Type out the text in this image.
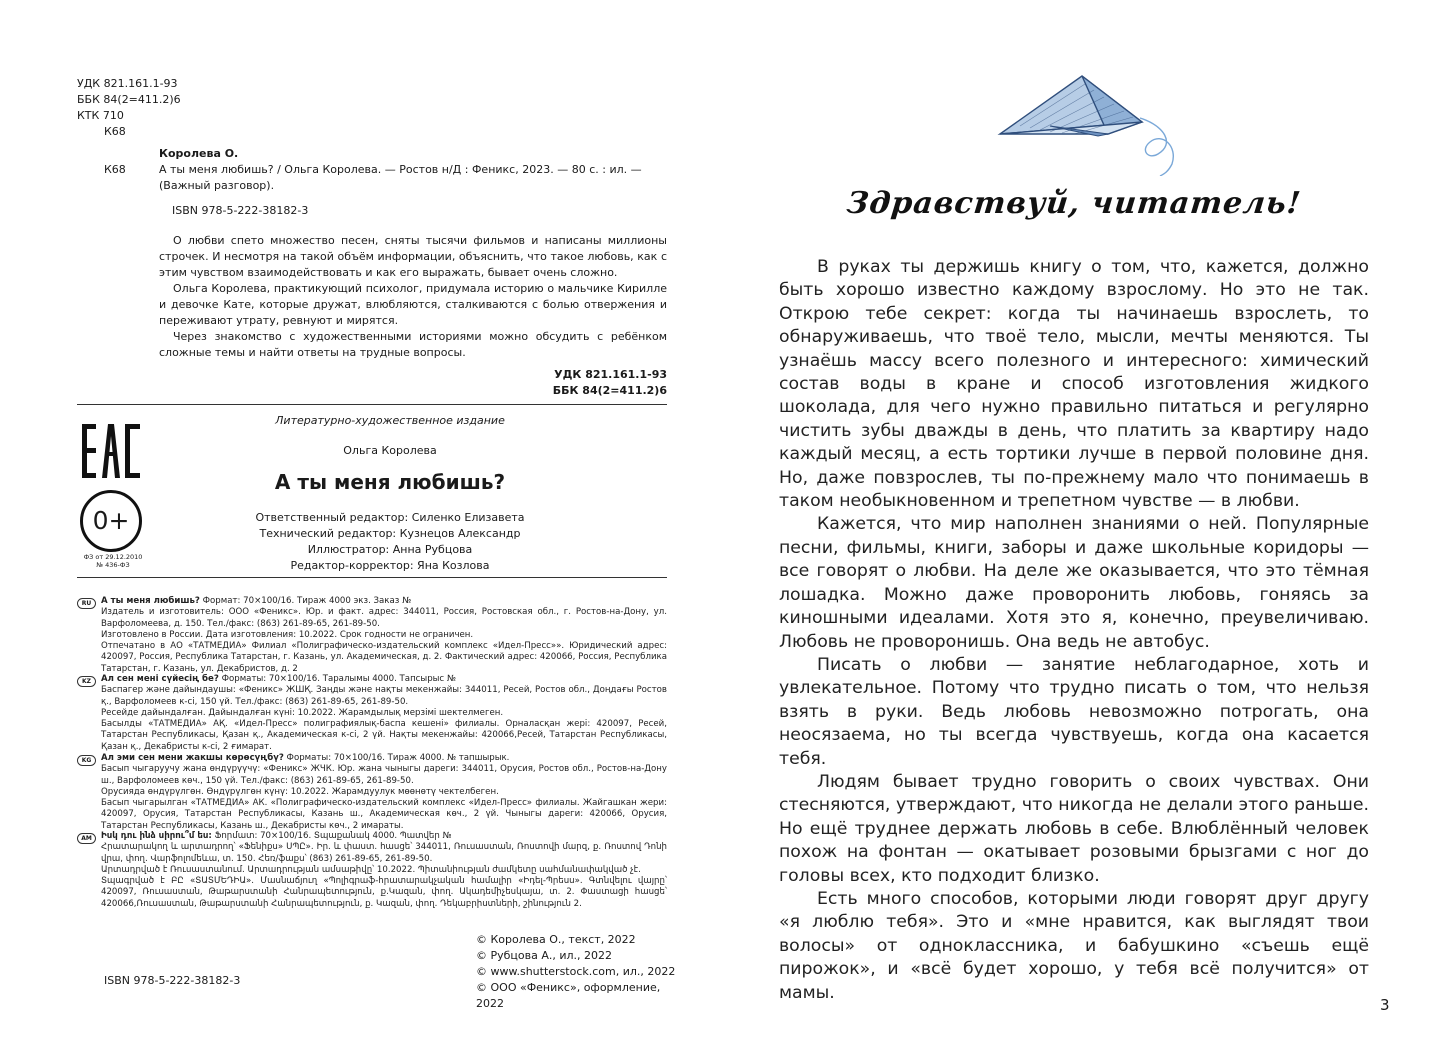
УДК 821.161.1-93
ББК 84(2=411.2)6
КТК 710
К68
Королева О.
К68	А ты меня любишь? / Ольга Королева. — Ростов н/Д : Феникс, 2023. — 80 с. : ил. — (Важный разговор).
ISBN 978-5-222-38182-3
О любви спето множество песен, сняты тысячи фильмов и написаны миллионы строчек. И несмотря на такой объём информации, объяснить, что такое любовь, как с этим чувством взаимодействовать и как его выражать, бывает очень сложно.
Ольга Королева, практикующий психолог, придумала историю о мальчике Кирилле и девочке Кате, которые дружат, влюбляются, сталкиваются с болью отвержения и переживают утрату, ревнуют и мирятся.
Через знакомство с художественными историями можно обсудить с ребёнком сложные темы и найти ответы на трудные вопросы.
УДК 821.161.1-93
ББК 84(2=411.2)6
Литературно-художественное издание
Ольга Королева
А ты меня любишь?
Ответственный редактор: Силенко Елизавета
Технический редактор: Кузнецов Александр
Иллюстратор: Анна Рубцова
Редактор-корректор: Яна Козлова
0+
ФЗ от 29.12.2010
№ 436-ФЗ
RU	А ты меня любишь? Формат: 70×100/16. Тираж 4000 экз. Заказ №
Издатель и изготовитель: ООО «Феникс». Юр. и факт. адрес: 344011, Россия, Ростовская обл., г. Ростов-на-Дону, ул. Варфоломеева, д. 150. Тел./факс: (863) 261-89-65, 261-89-50.
Изготовлено в России. Дата изготовления: 10.2022. Срок годности не ограничен.
Отпечатано в АО «ТАТМЕДИА» Филиал «Полиграфическо-издательский комплекс «Идел-Пресс»». Юридический адрес: 420097, Россия, Республика Татарстан, г. Казань, ул. Академическая, д. 2. Фактический адрес: 420066, Россия, Республика Татарстан, г. Казань, ул. Декабристов, д. 2
KZ	Ал сен мені сүйесің бе? Форматы: 70×100/16. Таралымы 4000. Тапсырыс №
Баспагер және дайындаушы: «Феникс» ЖШҚ. Заңды және нақты мекенжайы: 344011, Ресей, Ростов обл., Доңдағы Ростов қ., Варфоломеев к-сі, 150 үй. Тел./факс: (863) 261-89-65, 261-89-50.
Ресейде дайындалған. Дайындалған күні: 10.2022. Жарамдылық мерзімі шектелмеген.
Басылды «ТАТМЕДИА» АҚ. «Идел-Пресс» полиграфиялық-баспа кешені» филиалы. Орналасқан жері: 420097, Ресей, Татарстан Республикасы, Қазан қ., Академическая к-сі, 2 үй. Нақты мекенжайы: 420066,Ресей, Татарстан Республикасы, Қазан қ., Декабристы к-сі, 2 ғимарат.
KG	Ал эми сен мени жакшы көрөсүңбү? Форматы: 70×100/16. Тираж 4000. № тапшырык.
Басып чыгаруучу жана өндүрүүчү: «Феникс» ЖЧК. Юр. жана чыныгы дареги: 344011, Орусия, Ростов обл., Ростов-на-Дону ш., Варфоломеев көч., 150 үй. Тел./факс: (863) 261-89-65, 261-89-50.
Орусияда өндүрүлгөн. Өндүрүлгөн күнү: 10.2022. Жарамдуулук мөөнөтү чектелбеген.
Басып чыгарылган «ТАТМЕДИА» АК. «Полиграфическо-издательский комплекс «Идел-Пресс» филиалы. Жайгашкан жери: 420097, Орусия, Татарстан Республикасы, Казань ш., Академическая көч., 2 үй. Чыныгы дареги: 420066, Орусия, Татарстан Республикасы, Казань ш., Декабристы көч., 2 имараты.
AM	Իսկ դու ինձ սիրու՞մ ես: Ֆորմատ: 70×100/16. Տպաքանակ 4000. Պատվեր №
Հրատարակող և արտադրող՝ «Ֆենիքս» ՍՊԸ». Իր. և փաստ. հասցե՝ 344011, Ռուսաստան, Ռոստովի մարզ, ք. Ռոստով Դոնի վրա, փող. Վարֆոլոմեևա, տ. 150. Հեռ/ֆաքս՝ (863) 261-89-65, 261-89-50.
Արտադրված է Ռուսաստանում. Արտադրության ամսաթիվը՝ 10.2022. Պիտանիության ժամկետը սահմանափակված չէ.
Տպագրված է ԲԸ «ՏԱՏՄԵԴԻԱ». Մասնաճյուղ «Պոլիգրաֆ-հրատարակչական համալիր «Իդել-Պրեսս». Գտնվելու վայրը՝ 420097, Ռուսաստան, Թաթարստանի Հանրապետություն, ք.Կազան, փող. Ակադեմիչեսկայա, տ. 2. Փաստացի հասցե՝ 420066,Ռուսաստան, Թաթարստանի Հանրապետություն, ք. Կազան, փող. Դեկաբրիստների, շինություն 2.
© Королева О., текст, 2022
© Рубцова А., ил., 2022
© www.shutterstock.com, ил., 2022
© ООО «Феникс», оформление, 2022
ISBN 978-5-222-38182-3
Здравствуй, читатель!

В руках ты держишь книгу о том, что, кажется, должно быть хорошо известно каждому взрослому. Но это не так. Открою тебе секрет: когда ты начинаешь взрослеть, то обнаруживаешь, что твоё тело, мысли, мечты меняются. Ты узнаёшь массу всего полезного и интересного: химический состав воды в кране и способ изготовления жидкого шоколада, для чего нужно правильно питаться и регулярно чистить зубы дважды в день, что платить за квартиру надо каждый месяц, а есть тортики лучше в первой половине дня. Но, даже повзрослев, ты по-прежнему мало что понимаешь в таком необыкновенном и трепетном чувстве — в любви.

Кажется, что мир наполнен знаниями о ней. Популярные песни, фильмы, книги, заборы и даже школьные коридоры — все говорят о любви. На деле же оказывается, что это тёмная лошадка. Можно даже проворонить любовь, гоняясь за киношными идеалами. Хотя это я, конечно, преувеличиваю. Любовь не проворонишь. Она ведь не автобус.

Писать о любви — занятие неблагодарное, хоть и увлекательное. Потому что трудно писать о том, что нельзя взять в руки. Ведь любовь невозможно потрогать, она неосязаема, но ты всегда чувствуешь, когда она касается тебя.

Людям бывает трудно говорить о своих чувствах. Они стесняются, утверждают, что никогда не делали этого раньше. Но ещё труднее держать любовь в себе. Влюблённый человек похож на фонтан — окатывает розовыми брызгами с ног до головы всех, кто подходит близко.

Есть много способов, которыми люди говорят друг другу «я люблю тебя». Это и «мне нравится, как выглядят твои волосы» от одноклассника, и бабушкино «съешь ещё пирожок», и «всё будет хорошо, у тебя всё получится» от мамы.

3
